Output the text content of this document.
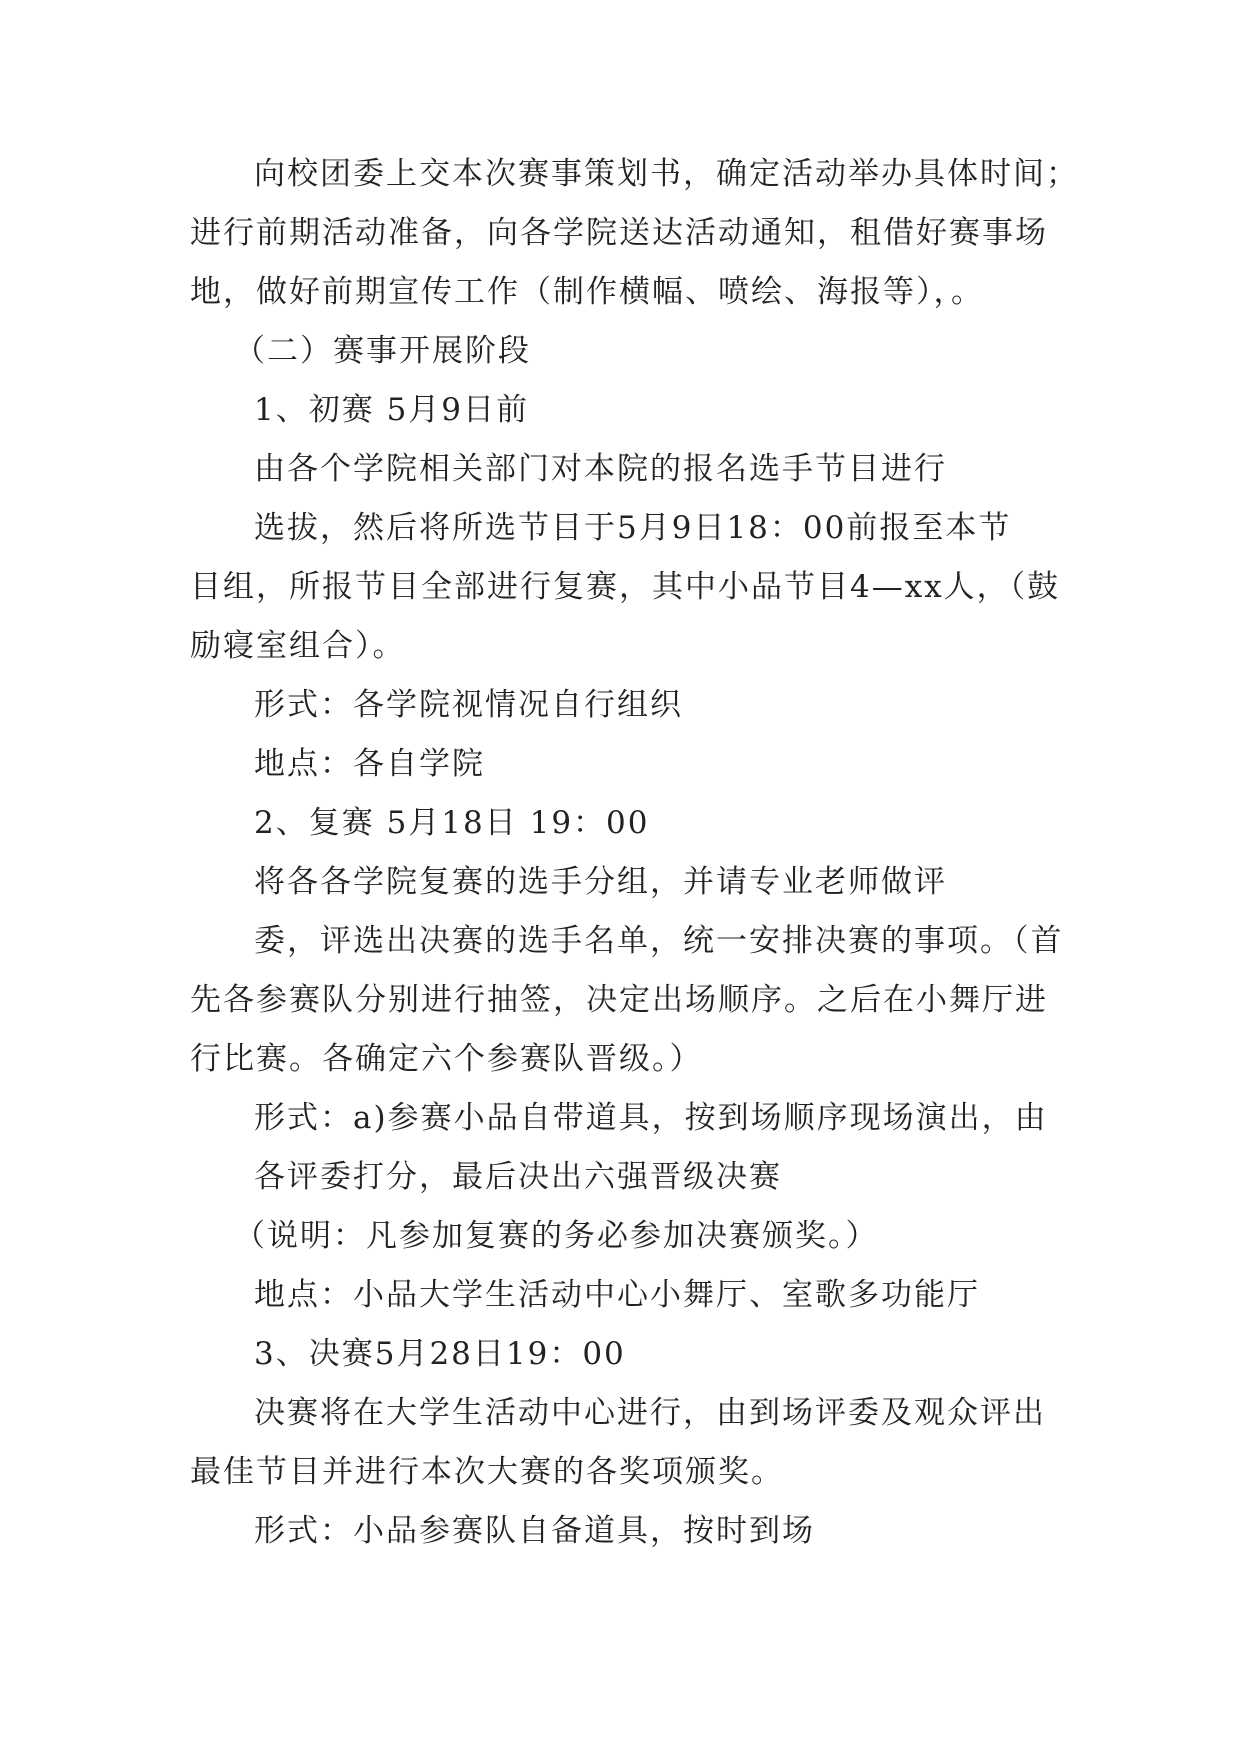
向校团委上交本次赛事策划书，确定活动举办具体时间；

进行前期活动准备，向各学院送达活动通知，租借好赛事场

地，做好前期宣传工作（制作横幅、喷绘、海报等），。

（二）赛事开展阶段

1、初赛 5月9日前

由各个学院相关部门对本院的报名选手节目进行

选拔，然后将所选节目于5月9日18：00前报至本节

目组，所报节目全部进行复赛，其中小品节目4—xx人，（鼓

励寝室组合）。

形式：各学院视情况自行组织

地点：各自学院

2、复赛 5月18日 19：00

将各各学院复赛的选手分组，并请专业老师做评

委，评选出决赛的选手名单，统一安排决赛的事项。（首

先各参赛队分别进行抽签，决定出场顺序。之后在小舞厅进

行比赛。各确定六个参赛队晋级。）

形式：a)参赛小品自带道具，按到场顺序现场演出，由

各评委打分，最后决出六强晋级决赛

（说明：凡参加复赛的务必参加决赛颁奖。）

地点：小品大学生活动中心小舞厅、室歌多功能厅

3、决赛5月28日19：00

决赛将在大学生活动中心进行，由到场评委及观众评出

最佳节目并进行本次大赛的各奖项颁奖。

形式：小品参赛队自备道具，按时到场
